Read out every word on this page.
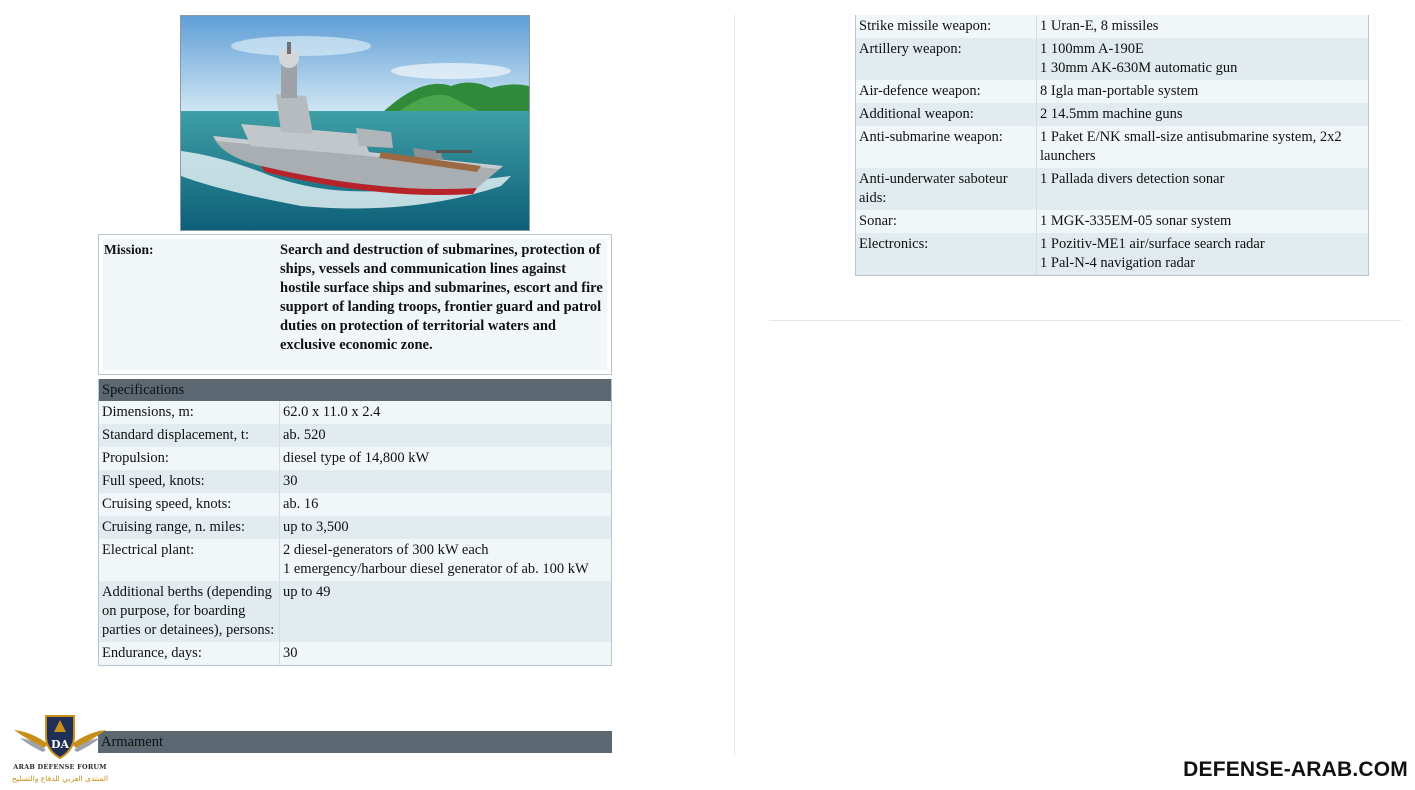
Mission:	Search and destruction of submarines, protection of ships, vessels and communication lines against hostile surface ships and submarines, escort and fire support of landing troops, frontier guard and patrol duties on protection of territorial waters and exclusive economic zone.
Specifications
Dimensions, m:	62.0 x 11.0 x 2.4
Standard displacement, t:	ab. 520
Propulsion:	diesel type of 14,800 kW
Full speed, knots:	30
Cruising speed, knots:	ab. 16
Cruising range, n. miles:	up to 3,500
Electrical plant:	2 diesel-generators of 300 kW each
1 emergency/harbour diesel generator of ab. 100 kW
Additional berths (depending on purpose, for boarding parties or detainees), persons:	up to 49
Endurance, days:	30
Armament
Strike missile weapon:	1 Uran-E, 8 missiles
Artillery weapon:	1 100mm A-190E
1 30mm AK-630M automatic gun
Air-defence weapon:	8 Igla man-portable system
Additional weapon:	2 14.5mm machine guns
Anti-submarine weapon:	1 Paket E/NK small-size antisubmarine system, 2x2 launchers
Anti-underwater saboteur aids:	1 Pallada divers detection sonar
Sonar:	1 MGK-335EM-05 sonar system
Electronics:	1 Pozitiv-ME1 air/surface search radar
1 Pal-N-4 navigation radar
DA
ARAB DEFENSE FORUM
المنتدى العربي للدفاع والتسليح	DEFENSE-ARAB.COM
